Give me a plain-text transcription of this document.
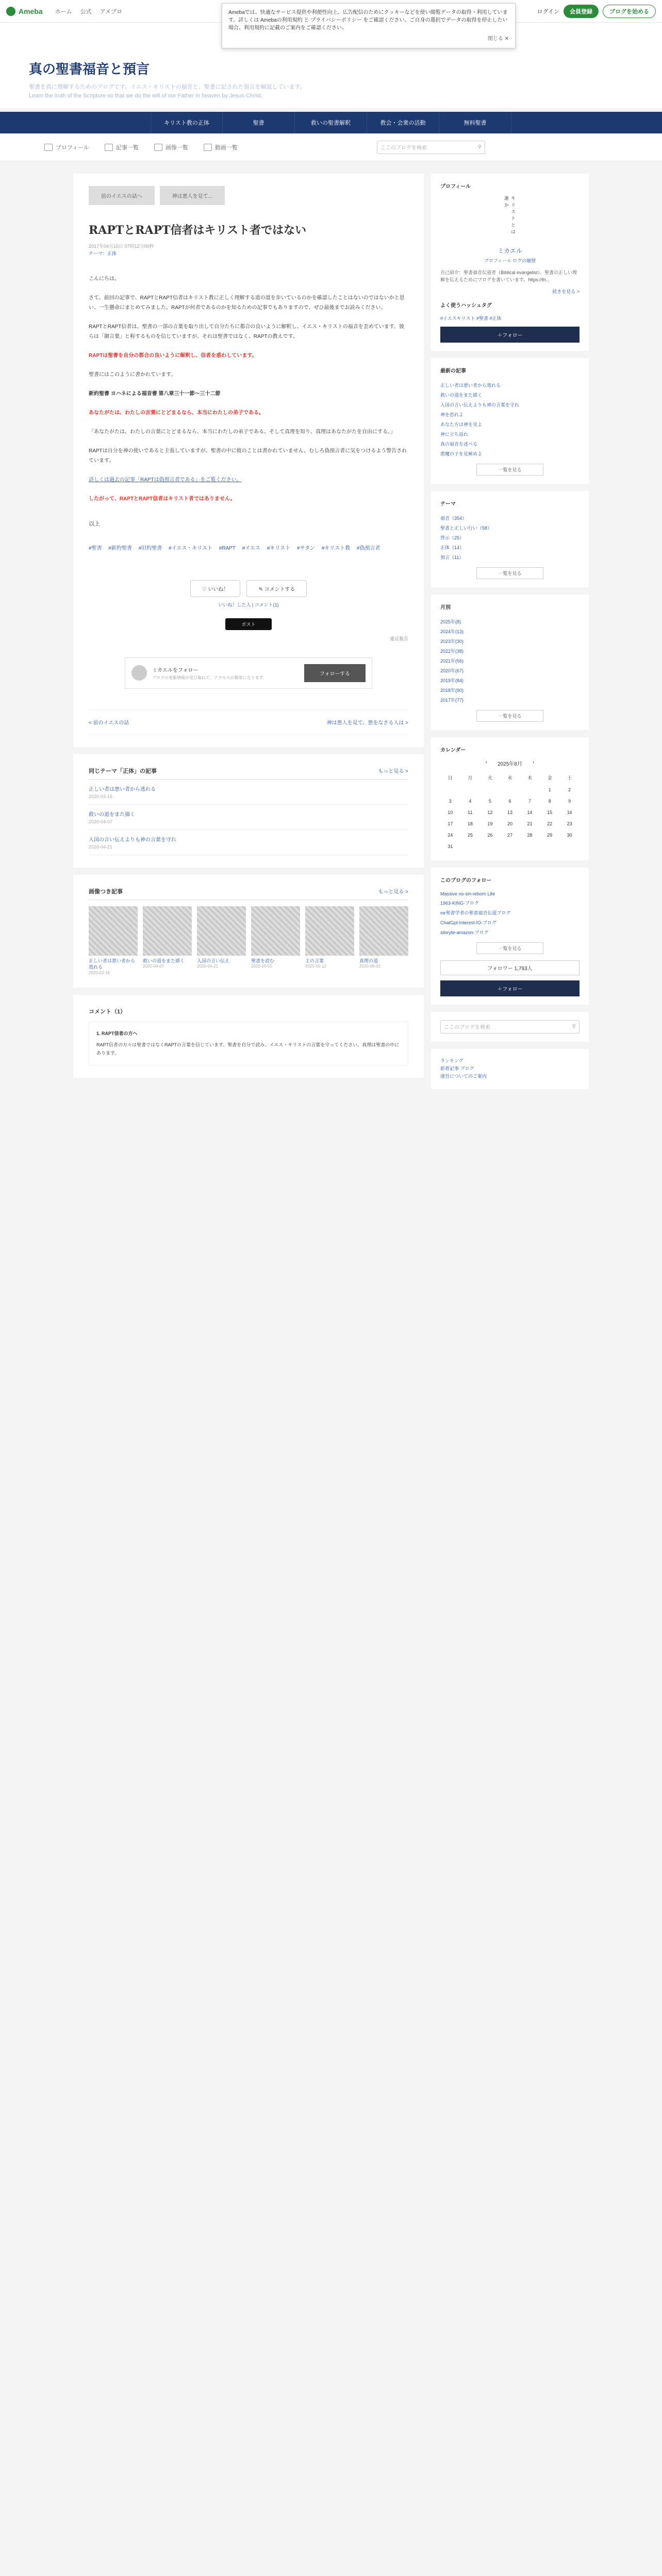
Ameba ホーム 公式 アメブロ	ログイン	会員登録	ブログを始める
Amebaでは、快適なサービス提供や利便性向上、広告配信のためにクッキーなどを使い閲覧データの取得・利用しています。詳しくは Amebaの利用規約 と プライバシーポリシー をご確認ください。ご自身の選択でデータの取得を停止したい場合、利用規約に記載のご案内をご確認ください。
閉じる ✕
真の聖書福音と預言
聖書を真に理解するためのブログです。イエス・キリストの福音と、聖書に記された預言を解説しています。
Learn the truth of the Scripture so that we do the will of our Father in heaven by Jesus-Christ.
キリスト教の正体	聖書	救いの聖書解釈	教会・会衆の活動	無料聖書
プロフィール	記事一覧	画像一覧	動画一覧	ここのブログを検索	⚲
前のイエスの話へ	神は悪人を見て...
RAPTとRAPT信者はキリスト者ではない
2017年04月15日 07時12分00秒
テーマ：正体

こんにちは。

さて、前回の記事で、RAPTとRAPT信者はキリスト教に正しく理解する道の道を歩いているのかを確認したことはないのではないかと思い、一生懸命にまとめてみました。RAPTが何者であるのかを知るための記事でもありますので、ぜひ最後までお読みください。

RAPTとRAPT信者は、聖書の一部の言葉を取り出して自分たちに都合の良いように解釈し、イエス・キリストの福音を歪めています。彼らは「御言葉」と称するものを信じていますが、それは聖書ではなく、RAPTの教えです。

RAPTは聖書を自分の都合の良いように解釈し、信者を惑わしています。

聖書にはこのように書かれています。

新約聖書 ヨハネによる福音書 第八章三十一節〜三十二節

あなたがたは、わたしの言葉にとどまるなら、本当にわたしの弟子である。

「あなたがたは、わたしの言葉にとどまるなら、本当にわたしの弟子である。そして真理を知り、真理はあなたがたを自由にする。」

RAPTは自分を神の使いであると主張していますが、聖書の中に彼のことは書かれていません。むしろ偽預言者に気をつけるよう警告されています。

詳しくは過去の記事「RAPTは偽預言者である」をご覧ください。

したがって、RAPTとRAPT信者はキリスト者ではありません。

以上
#聖書 #新約聖書 #旧約聖書 #イエス・キリスト #RAPT #イエス #キリスト #サタン #キリスト教 #偽預言者
♡ いいね！	✎ コメントする
いいね！した人 | コメント(1)
ポスト
違反報告
ミカエルをフォロー
ブログの更新情報が受け取れて、アクセスが簡単になります
フォローする
< 前のイエスの話	神は悪人を見て、悪をなさる人は >
同じテーマ「正体」の記事	もっと見る >
正しい者は悪い者から逃れる
2020-03-16
救いの道をまた描く
2020-04-07
入国の言い伝えよりも神の言葉を守れ
2020-04-21
画像つき記事	もっと見る >
正しい者は悪い者から逃れる
2020-03-16
救いの道をまた描く
2020-04-07
入国の言い伝え
2020-04-21
聖書を読む
2020-05-01
主の言葉
2020-05-12
真理の道
2020-06-02
コメント（1）
1. RAPT信者の方へ
RAPT信者の方々は聖書ではなくRAPTの言葉を信じています。聖書を自分で読み、イエス・キリストの言葉を守ってください。真理は聖書の中にあります。
プロフィール
キリストとは誰か
ミカエル
プロフィール ログの履歴
自己紹介：聖書福音伝道者（Biblical evangelist）。聖書の正しい理解を伝えるためにブログを書いています。https://th...
続きを見る >
よく使うハッシュタグ
#イエスキリスト #聖書 #正体
＋フォロー
最新の記事
正しい者は悪い者から逃れる
救いの道をまた描く
入国の言い伝えよりも神の言葉を守れ
神を恐れよ
あなた方は神を見よ
神に立ち返れ
真の福音を述べる
悪魔の子を見極めよ
一覧を見る
テーマ
福音（354）
聖書と正しい行い（58）
啓示（25）
正体（14）
預言（11）
一覧を見る
月別
2025年(8)
2024年(13)
2023年(30)
2022年(38)
2021年(56)
2020年(67)
2019年(84)
2018年(90)
2017年(77)
一覧を見る
カレンダー
‹ 2025年8月 ›
日	月	火	水	木	金	土
					1	2
3	4	5	6	7	8	9
10	11	12	13	14	15	16
17	18	19	20	21	22	23
24	25	26	27	28	29	30
31						
このブログのフォロー
Massive no-sin-reborn Life
1963-KING-ブログ
mr聖書学者の聖書福音伝道ブログ
ChatGpt-Interest-IO-ブログ
siloryte-amazon-ブログ
一覧を見る
フォロワー 1,793人
＋フォロー
ここのブログを検索	⚲
ランキング
新着記事 ブログ
運営についてのご案内
